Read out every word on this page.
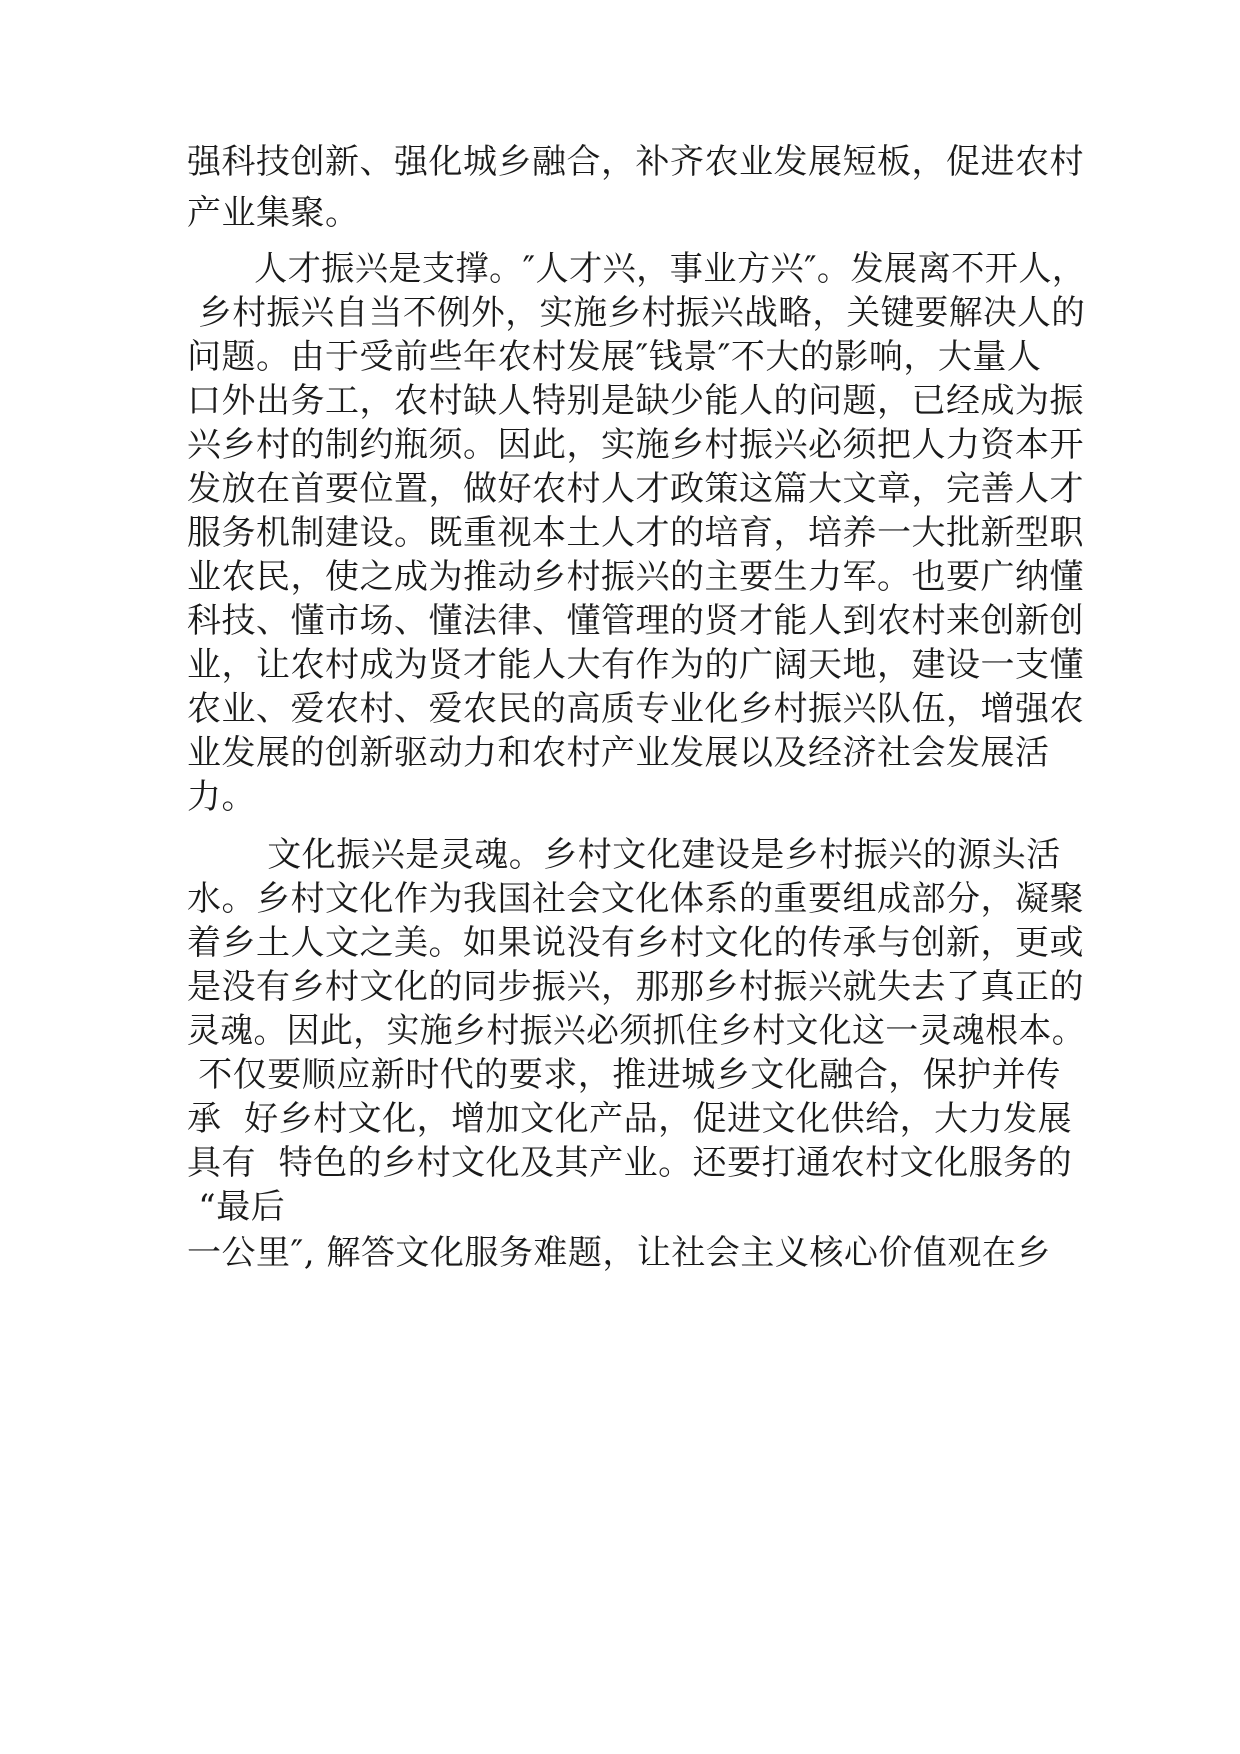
强科技创新、强化城乡融合，补齐农业发展短板，促进农村

产业集聚。

　　人才振兴是支撑。″人才兴，事业方兴″。发展离不开人，

乡村振兴自当不例外，实施乡村振兴战略，关键要解决人的

问题。由于受前些年农村发展″钱景″不大的影响，大量人

口外出务工，农村缺人特别是缺少能人的问题，已经成为振

兴乡村的制约瓶须。因此，实施乡村振兴必须把人力资本开

发放在首要位置，做好农村人才政策这篇大文章，完善人才

服务机制建设。既重视本土人才的培育，培养一大批新型职

业农民，使之成为推动乡村振兴的主要生力军。也要广纳懂

科技、懂市场、懂法律、懂管理的贤才能人到农村来创新创

业，让农村成为贤才能人大有作为的广阔天地，建设一支懂

农业、爱农村、爱农民的高质专业化乡村振兴队伍，增强农

业发展的创新驱动力和农村产业发展以及经济社会发展活

力。

　　 文化振兴是灵魂。乡村文化建设是乡村振兴的源头活

水。乡村文化作为我国社会文化体系的重要组成部分，凝聚

着乡土人文之美。如果说没有乡村文化的传承与创新，更或

是没有乡村文化的同步振兴，那那乡村振兴就失去了真正的

灵魂。因此，实施乡村振兴必须抓住乡村文化这一灵魂根本。

不仅要顺应新时代的要求，推进城乡文化融合，保护并传

承  好乡村文化，增加文化产品，促进文化供给，大力发展

具有  特色的乡村文化及其产业。还要打通农村文化服务的

“最后

一公里″, 解答文化服务难题，让社会主义核心价值观在乡
